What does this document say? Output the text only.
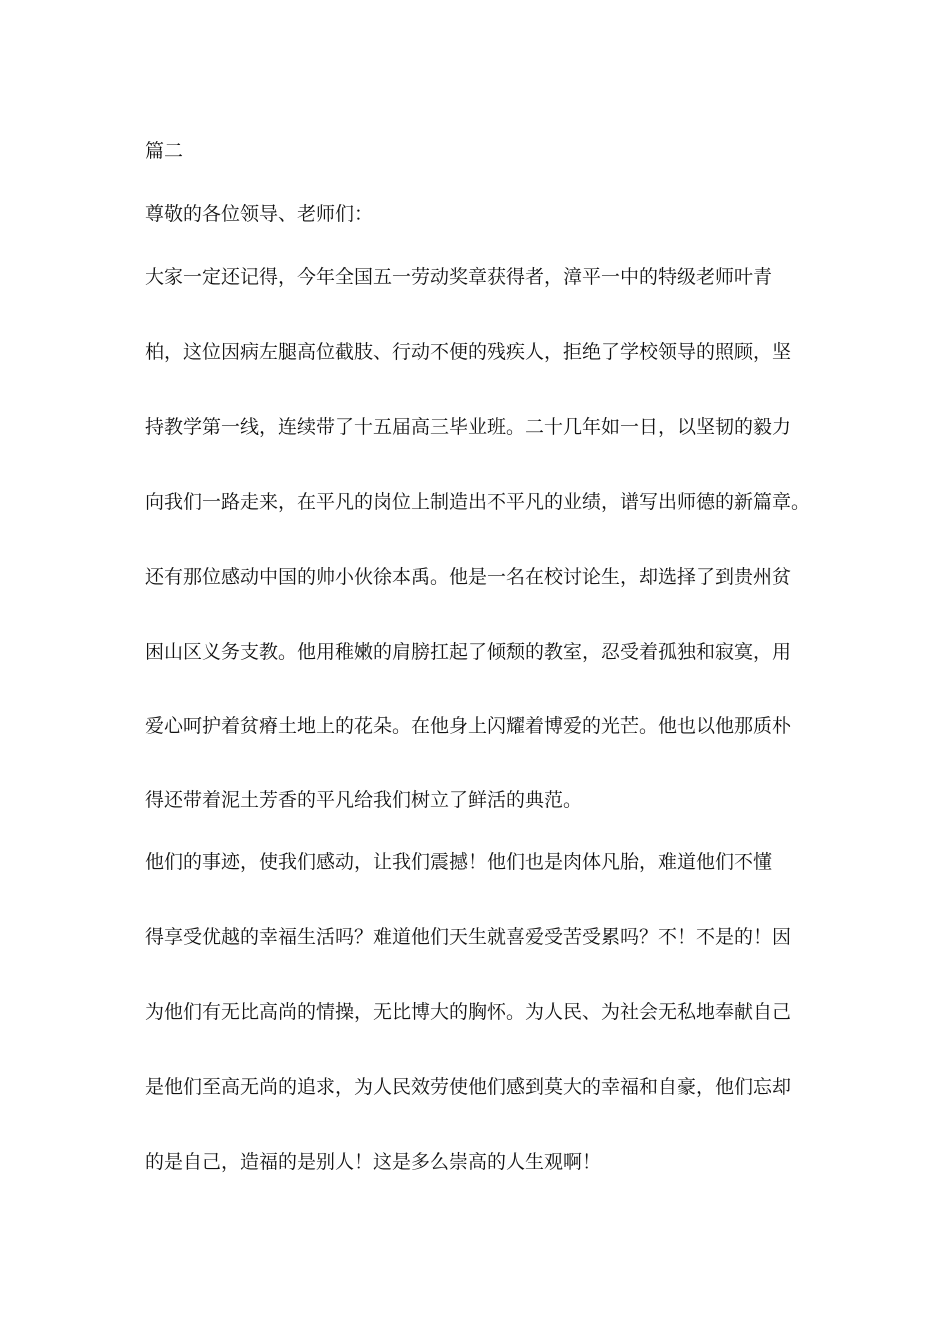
篇二
尊敬的各位领导、老师们：
大家一定还记得，今年全国五一劳动奖章获得者，漳平一中的特级老师叶青
柏，这位因病左腿高位截肢、行动不便的残疾人，拒绝了学校领导的照顾，坚
持教学第一线，连续带了十五届高三毕业班。二十几年如一日，以坚韧的毅力
向我们一路走来，在平凡的岗位上制造出不平凡的业绩，谱写出师德的新篇章。
还有那位感动中国的帅小伙徐本禹。他是一名在校讨论生，却选择了到贵州贫
困山区义务支教。他用稚嫩的肩膀扛起了倾颓的教室，忍受着孤独和寂寞，用
爱心呵护着贫瘠土地上的花朵。在他身上闪耀着博爱的光芒。他也以他那质朴
得还带着泥土芳香的平凡给我们树立了鲜活的典范。
他们的事迹，使我们感动，让我们震撼！他们也是肉体凡胎，难道他们不懂
得享受优越的幸福生活吗？难道他们天生就喜爱受苦受累吗？不！不是的！因
为他们有无比高尚的情操，无比博大的胸怀。为人民、为社会无私地奉献自己
是他们至高无尚的追求，为人民效劳使他们感到莫大的幸福和自豪，他们忘却
的是自己，造福的是别人！这是多么崇高的人生观啊！
